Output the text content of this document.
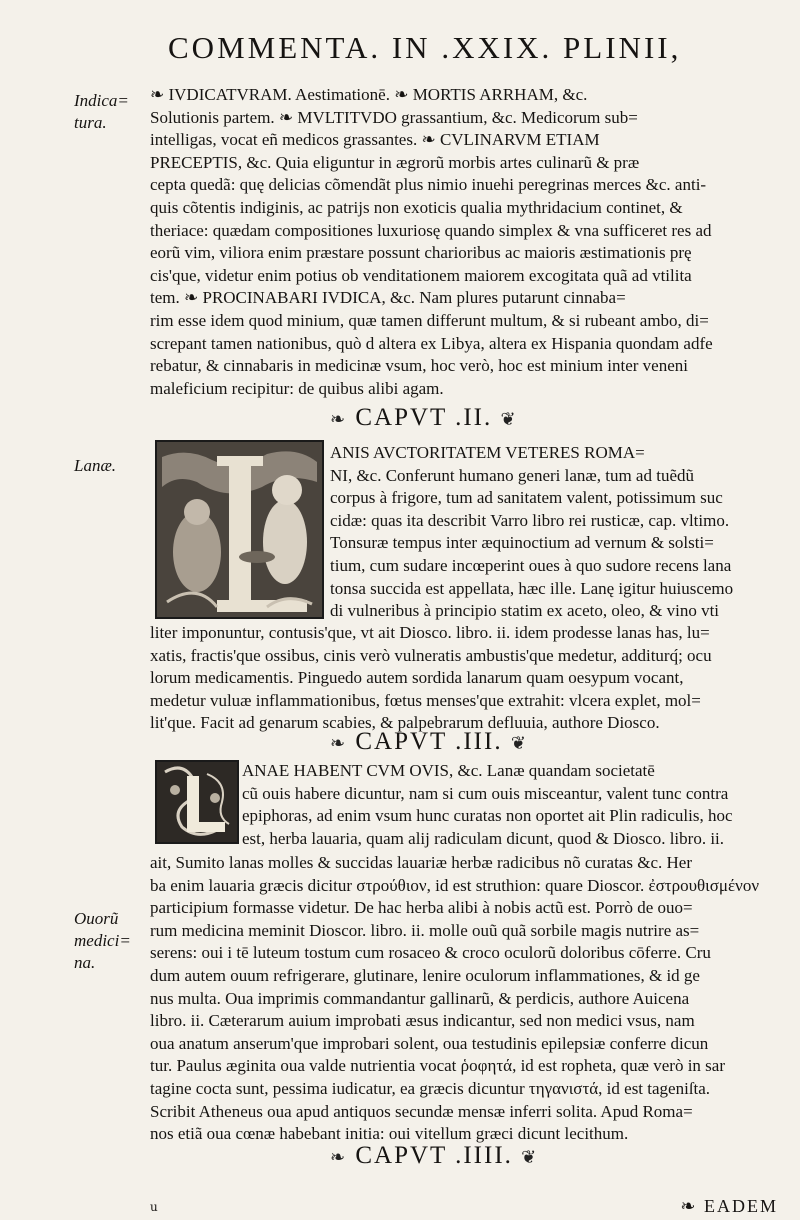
COMMENTA. IN .XXIX. PLINII,
Indica=
tura.
Lanæ.
Ouorũ
medici=
na.
❧ IVDICATVRAM. Aestimationē. ❧ MORTIS ARRHAM, &c.
Solutionis partem. ❧ MVLTITVDO grassantium, &c. Medicorum sub=
intelligas, vocat eñ medicos grassantes. ❧ CVLINARVM ETIAM
PRECEPTIS, &c. Quia eliguntur in ægrorũ morbis artes culinarũ & præ
cepta quedã: quę delicias cõmendãt plus nimio inuehi peregrinas merces &c. anti-
quis cõtentis indiginis, ac patrijs non exoticis qualia mythridacium continet, &
theriace: quædam compositiones luxuriosę quando simplex & vna sufficeret res ad
eorũ vim, viliora enim præstare possunt charioribus ac maioris æstimationis prę
cis'que, videtur enim potius ob venditationem maiorem excogitata quã ad vtilita
tem. ❧ PROCINABARI IVDICA, &c. Nam plures putarunt cinnaba=
rim esse idem quod minium, quæ tamen differunt multum, & si rubeant ambo, di=
screpant tamen nationibus, quò d altera ex Libya, altera ex Hispania quondam adfe
rebatur, & cinnabaris in medicinæ vsum, hoc verò, hoc est minium inter veneni
maleficium recipitur: de quibus alibi agam.
❧ CAPVT .II. ❦
ANIS AVCTORITATEM VETERES ROMA=
NI, &c. Conferunt humano generi lanæ, tum ad tuẽdũ
corpus à frigore, tum ad sanitatem valent, potissimum suc
cidæ: quas ita describit Varro libro rei rusticæ, cap. vltimo.
Tonsuræ tempus inter æquinoctium ad vernum & solsti=
tium, cum sudare incœperint oues à quo sudore recens lana
tonsa succida est appellata, hæc ille. Lanę igitur huiuscemo
di vulneribus à principio statim ex aceto, oleo, & vino vti
liter imponuntur, contusis'que, vt ait Diosco. libro. ii. idem prodesse lanas has, lu=
xatis, fractis'que ossibus, cinis verò vulneratis ambustis'que medetur, additurq́; ocu
lorum medicamentis. Pinguedo autem sordida lanarum quam oesypum vocant,
medetur vuluæ inflammationibus, fœtus menses'que extrahit: vlcera explet, mol=
lit'que. Facit ad genarum scabies, & palpebrarum defluuia, authore Diosco.
❧ CAPVT .III. ❦
ANAE HABENT CVM OVIS, &c. Lanæ quandam societatē
cũ ouis habere dicuntur, nam si cum ouis misceantur, valent tunc contra
epiphoras, ad enim vsum hunc curatas non oportet ait Plin radiculis, hoc
est, herba lauaria, quam alij radiculam dicunt, quod & Diosco. libro. ii.
ait, Sumito lanas molles & succidas lauariæ herbæ radicibus nõ curatas &c. Her
ba enim lauaria græcis dicitur στρούθιον, id est struthion: quare Dioscor. ἐστρουθισμένον
participium formasse videtur. De hac herba alibi à nobis actũ est. Porrò de ouo=
rum medicina meminit Dioscor. libro. ii. molle ouũ quã sorbile magis nutrire as=
serens: oui i tē luteum tostum cum rosaceo & croco oculorũ doloribus cōferre. Cru
dum autem ouum refrigerare, glutinare, lenire oculorum inflammationes, & id ge
nus multa. Oua imprimis commandantur gallinarũ, & perdicis, authore Auicena
libro. ii. Cæterarum auium improbati æsus indicantur, sed non medici vsus, nam
oua anatum anserum'que improbari solent, oua testudinis epilepsiæ conferre dicun
tur. Paulus æginita oua valde nutrientia vocat ῥοφητά, id est ropheta, quæ verò in sar
tagine cocta sunt, pessima iudicatur, ea græcis dicuntur τηγανιστά, id est tageniſta.
Scribit Atheneus oua apud antiquos secundæ mensæ inferri solita. Apud Roma=
nos etiã oua cœnæ habebant initia: oui vitellum græci dicunt lecithum.
❧ CAPVT .IIII. ❦
u	❧ EADEM
